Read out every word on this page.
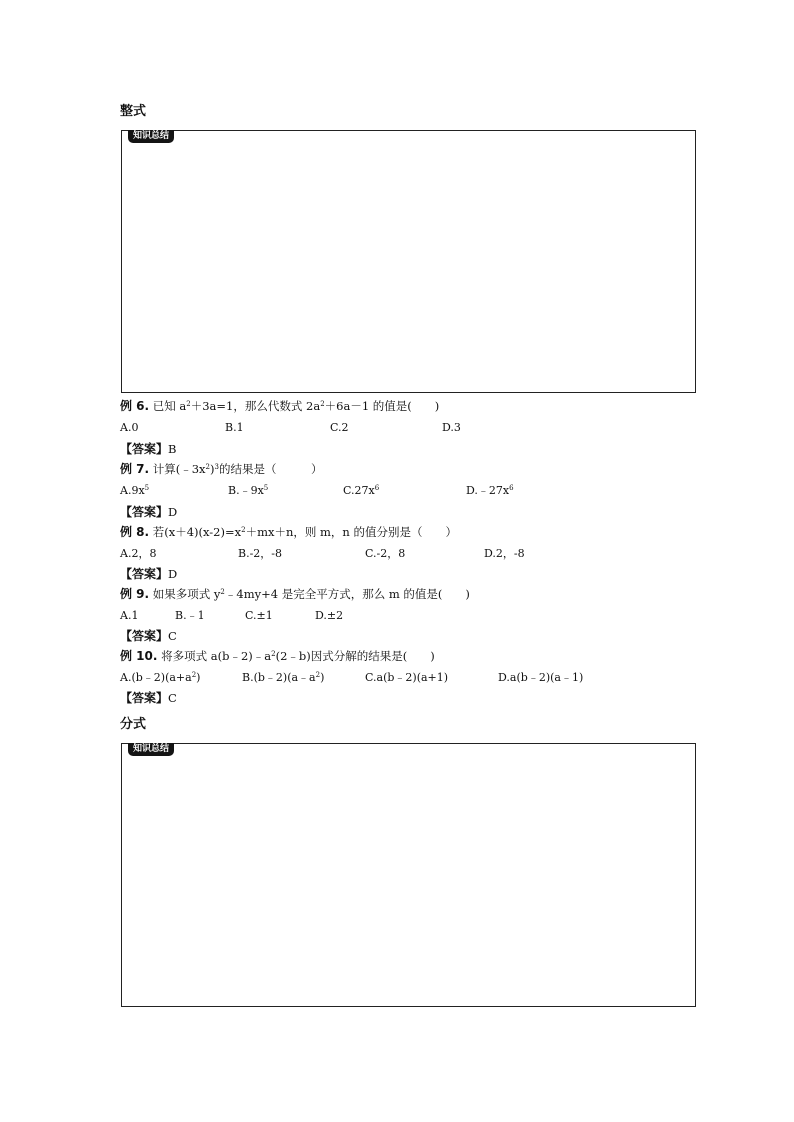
整式
知识总结
例 6. 已知 $a^2+3a=1$，那么代数式 $2a^2+6a-1$ 的值是(　　)
A.0	B.1	C.2	D.3
【答案】B
例 7. 计算$(﹣3x^2)^3$的结果是（　　　）
$A.9x^5$	$B.﹣9x^5$	$C.27x^6$	$D.﹣27x^6$
【答案】D
例 8. 若$(x+4)(x-2)=x^2+mx+n$，则 m，n 的值分别是（　　）
A.2，8	B.-2，-8	C.-2，8	D.2，-8
【答案】D
例 9. 如果多项式 $y^2﹣4my+4$ 是完全平方式，那么 m 的值是(　　)
A.1	B.﹣1	C.±1	D.±2
【答案】C
例 10. 将多项式 $a(b﹣2)﹣a^2(2﹣b)$因式分解的结果是(　　)
$A.(b﹣2)(a+a^2)$	$B.(b﹣2)(a﹣a^2)$	C.a(b﹣2)(a+1)	D.a(b﹣2)(a﹣1)
【答案】C
分式
知识总结
